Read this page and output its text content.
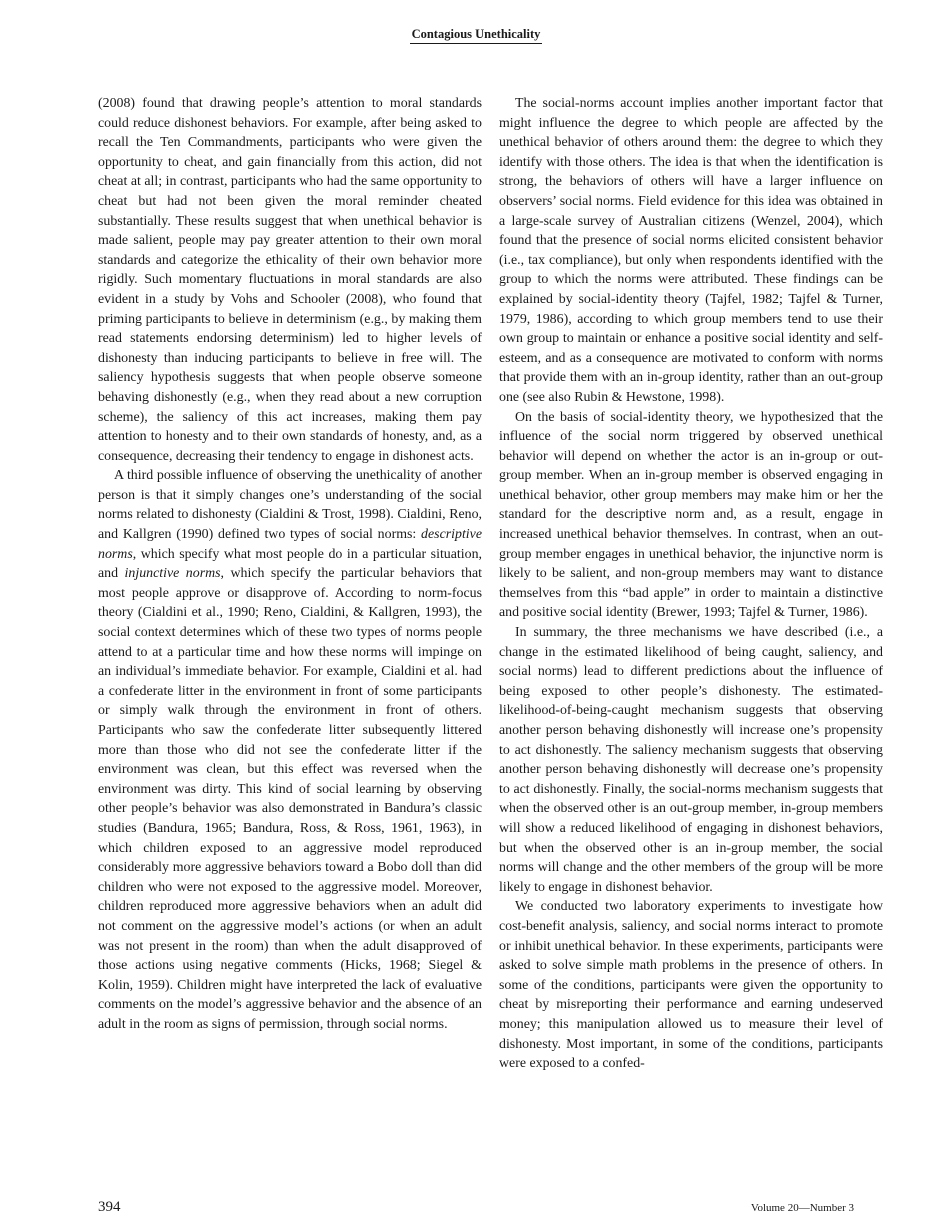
Contagious Unethicality

(2008) found that drawing people’s attention to moral standards could reduce dishonest behaviors. For example, after being asked to recall the Ten Commandments, participants who were given the opportunity to cheat, and gain financially from this action, did not cheat at all; in contrast, participants who had the same opportunity to cheat but had not been given the moral reminder cheated substantially. These results suggest that when unethical behavior is made salient, people may pay greater attention to their own moral standards and categorize the ethicality of their own behavior more rigidly. Such momentary fluctuations in moral standards are also evident in a study by Vohs and Schooler (2008), who found that priming participants to believe in determinism (e.g., by making them read statements endorsing determinism) led to higher levels of dishonesty than inducing participants to believe in free will. The saliency hypothesis suggests that when people observe someone behaving dishonestly (e.g., when they read about a new corruption scheme), the saliency of this act increases, making them pay attention to honesty and to their own standards of honesty, and, as a consequence, decreasing their tendency to engage in dishonest acts.

A third possible influence of observing the unethicality of another person is that it simply changes one’s understanding of the social norms related to dishonesty (Cialdini & Trost, 1998). Cialdini, Reno, and Kallgren (1990) defined two types of social norms: descriptive norms, which specify what most people do in a particular situation, and injunctive norms, which specify the particular behaviors that most people approve or disapprove of. According to norm-focus theory (Cialdini et al., 1990; Reno, Cialdini, & Kallgren, 1993), the social context determines which of these two types of norms people attend to at a particular time and how these norms will impinge on an individual’s immediate behavior. For example, Cialdini et al. had a confederate litter in the environment in front of some participants or simply walk through the environment in front of others. Participants who saw the confederate litter subsequently littered more than those who did not see the confederate litter if the environment was clean, but this effect was reversed when the environment was dirty. This kind of social learning by observing other people’s behavior was also demonstrated in Bandura’s classic studies (Bandura, 1965; Bandura, Ross, & Ross, 1961, 1963), in which children exposed to an aggressive model reproduced considerably more aggressive behaviors toward a Bobo doll than did children who were not exposed to the aggressive model. Moreover, children reproduced more aggressive behaviors when an adult did not comment on the aggressive model’s actions (or when an adult was not present in the room) than when the adult disapproved of those actions using negative comments (Hicks, 1968; Siegel & Kolin, 1959). Children might have interpreted the lack of evaluative comments on the model’s aggressive behavior and the absence of an adult in the room as signs of permission, through social norms.

The social-norms account implies another important factor that might influence the degree to which people are affected by the unethical behavior of others around them: the degree to which they identify with those others. The idea is that when the identification is strong, the behaviors of others will have a larger influence on observers’ social norms. Field evidence for this idea was obtained in a large-scale survey of Australian citizens (Wenzel, 2004), which found that the presence of social norms elicited consistent behavior (i.e., tax compliance), but only when respondents identified with the group to which the norms were attributed. These findings can be explained by social-identity theory (Tajfel, 1982; Tajfel & Turner, 1979, 1986), according to which group members tend to use their own group to maintain or enhance a positive social identity and self-esteem, and as a consequence are motivated to conform with norms that provide them with an in-group identity, rather than an out-group one (see also Rubin & Hewstone, 1998).

On the basis of social-identity theory, we hypothesized that the influence of the social norm triggered by observed unethical behavior will depend on whether the actor is an in-group or out-group member. When an in-group member is observed engaging in unethical behavior, other group members may make him or her the standard for the descriptive norm and, as a result, engage in increased unethical behavior themselves. In contrast, when an out-group member engages in unethical behavior, the injunctive norm is likely to be salient, and non-group members may want to distance themselves from this “bad apple” in order to maintain a distinctive and positive social identity (Brewer, 1993; Tajfel & Turner, 1986).

In summary, the three mechanisms we have described (i.e., a change in the estimated likelihood of being caught, saliency, and social norms) lead to different predictions about the influence of being exposed to other people’s dishonesty. The estimated-likelihood-of-being-caught mechanism suggests that observing another person behaving dishonestly will increase one’s propensity to act dishonestly. The saliency mechanism suggests that observing another person behaving dishonestly will decrease one’s propensity to act dishonestly. Finally, the social-norms mechanism suggests that when the observed other is an out-group member, in-group members will show a reduced likelihood of engaging in dishonest behaviors, but when the observed other is an in-group member, the social norms will change and the other members of the group will be more likely to engage in dishonest behavior.

We conducted two laboratory experiments to investigate how cost-benefit analysis, saliency, and social norms interact to promote or inhibit unethical behavior. In these experiments, participants were asked to solve simple math problems in the presence of others. In some of the conditions, participants were given the opportunity to cheat by misreporting their performance and earning undeserved money; this manipulation allowed us to measure their level of dishonesty. Most important, in some of the conditions, participants were exposed to a confed-

394	Volume 20—Number 3
